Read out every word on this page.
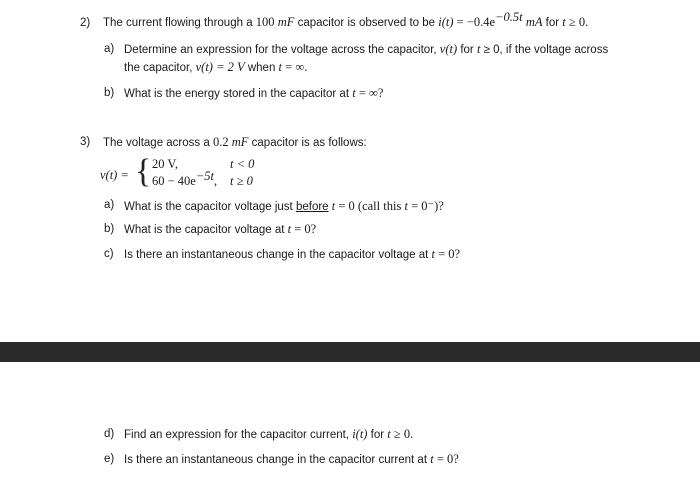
2) The current flowing through a 100 mF capacitor is observed to be $i(t) = -0.4e^{-0.5t}$ mA for t ≥ 0.
a) Determine an expression for the voltage across the capacitor, v(t) for t ≥ 0, if the voltage across
the capacitor, v(t) = 2 V when t = ∞.
b) What is the energy stored in the capacitor at t = ∞?
3) The voltage across a 0.2 mF capacitor is as follows:
v(t) = { 20 V,	t < 0
$60 - 40e^{-5t}$, t ≥ 0
a) What is the capacitor voltage just before t = 0 (call this t = 0⁻)?
b) What is the capacitor voltage at t = 0?
c) Is there an instantaneous change in the capacitor voltage at t = 0?
d) Find an expression for the capacitor current, i(t) for t ≥ 0.
e) Is there an instantaneous change in the capacitor current at t = 0?
